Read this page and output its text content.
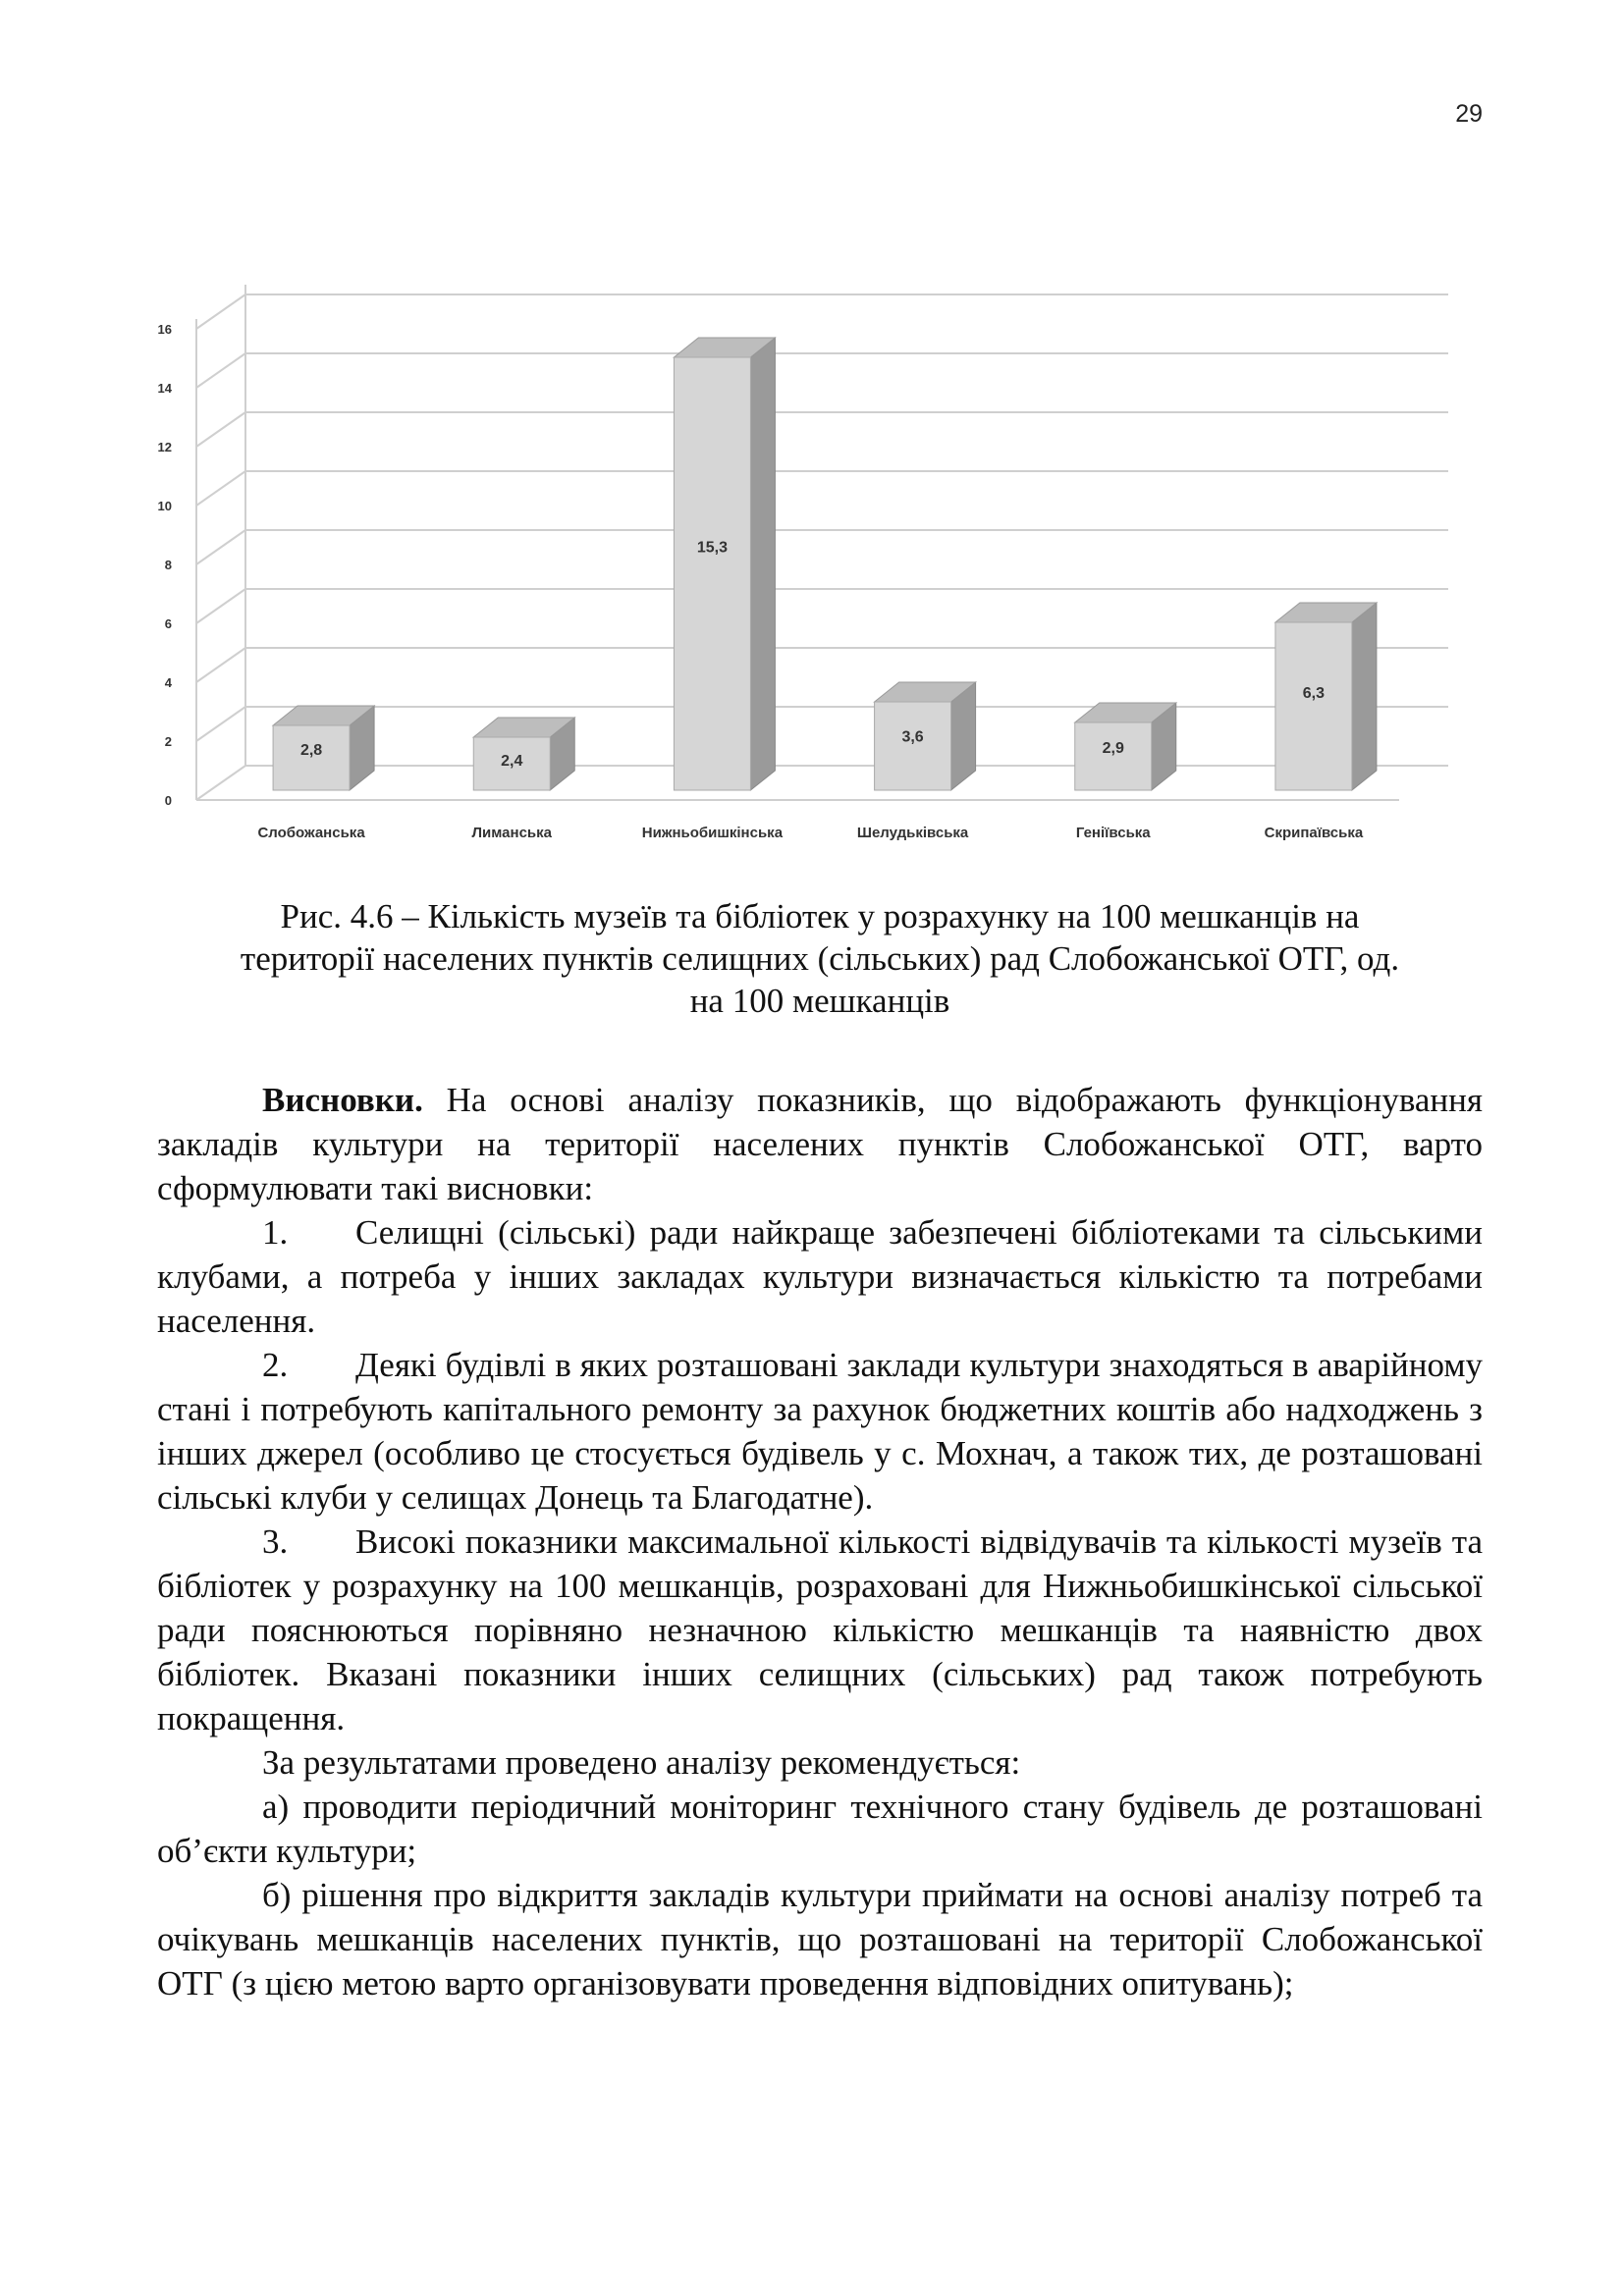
29
0
2
4
6
8
10
12
14
16
2,8
Слобожанська
2,4
Лиманська
15,3
Нижньобишкінська
3,6
Шелудьківська
2,9
Геніївська
6,3
Скрипаївська
Рис. 4.6 – Кількість музеїв та бібліотек у розрахунку на 100 мешканців на
території населених пунктів селищних (сільських) рад Слобожанської ОТГ, од.
на 100 мешканців

Висновки. На основі аналізу показників, що відображають функціонування закладів культури на території населених пунктів Слобожанської ОТГ, варто сформулювати такі висновки:

1. Селищні (сільські) ради найкраще забезпечені бібліотеками та сільськими клубами, а потреба у інших закладах культури визначається кількістю та потребами населення.

2. Деякі будівлі в яких розташовані заклади культури знаходяться в аварійному стані і потребують капітального ремонту за рахунок бюджетних коштів або надходжень з інших джерел (особливо це стосується будівель у с. Мохнач, а також тих, де розташовані сільські клуби у селищах Донець та Благодатне).

3. Високі показники максимальної кількості відвідувачів та кількості музеїв та бібліотек у розрахунку на 100 мешканців, розраховані для Нижньобишкінської сільської ради пояснюються порівняно незначною кількістю мешканців та наявністю двох бібліотек. Вказані показники інших селищних (сільських) рад також потребують покращення.

За результатами проведено аналізу рекомендується:

а) проводити періодичний моніторинг технічного стану будівель де розташовані об’єкти культури;

б) рішення про відкриття закладів культури приймати на основі аналізу потреб та очікувань мешканців населених пунктів, що розташовані на території Слобожанської ОТГ (з цією метою варто організовувати проведення відповідних опитувань);
